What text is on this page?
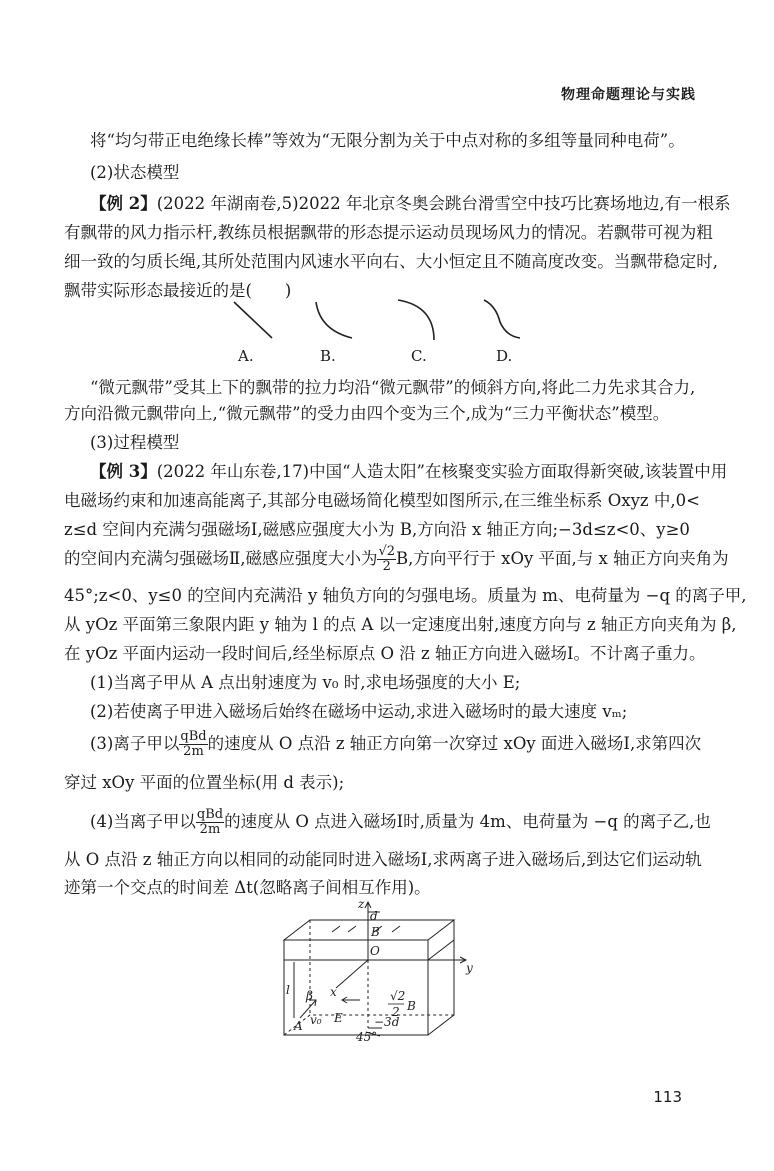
物理命题理论与实践
将“均匀带正电绝缘长棒”等效为“无限分割为关于中点对称的多组等量同种电荷”。
(2)状态模型
【例 2】(2022 年湖南卷,5)2022 年北京冬奥会跳台滑雪空中技巧比赛场地边,有一根系
有飘带的风力指示杆,教练员根据飘带的形态提示运动员现场风力的情况。若飘带可视为粗
细一致的匀质长绳,其所处范围内风速水平向右、大小恒定且不随高度改变。当飘带稳定时,
飘带实际形态最接近的是(　　)
A.	B.	C.	D.
“微元飘带”受其上下的飘带的拉力均沿“微元飘带”的倾斜方向,将此二力先求其合力,
方向沿微元飘带向上,“微元飘带”的受力由四个变为三个,成为“三力平衡状态”模型。
(3)过程模型
【例 3】(2022 年山东卷,17)中国“人造太阳”在核聚变实验方面取得新突破,该装置中用
电磁场约束和加速高能离子,其部分电磁场简化模型如图所示,在三维坐标系 Oxyz 中,0<
z≤d 空间内充满匀强磁场Ⅰ,磁感应强度大小为 B,方向沿 x 轴正方向;−3d≤z<0、y≥0
的空间内充满匀强磁场Ⅱ,磁感应强度大小为 $\frac{√2}{2} B$,方向平行于 xOy 平面,与 x 轴正方向夹角为
45°;z<0、y≤0 的空间内充满沿 y 轴负方向的匀强电场。质量为 m、电荷量为 −q 的离子甲,
从 yOz 平面第三象限内距 y 轴为 l 的点 A 以一定速度出射,速度方向与 z 轴正方向夹角为 β,
在 yOz 平面内运动一段时间后,经坐标原点 O 沿 z 轴正方向进入磁场Ⅰ。不计离子重力。
(1)当离子甲从 A 点出射速度为 v₀ 时,求电场强度的大小 E;
(2)若使离子甲进入磁场后始终在磁场中运动,求进入磁场时的最大速度 vₘ;
(3)离子甲以 $\frac{\text{qBd}}{2m}$ 的速度从 O 点沿 z 轴正方向第一次穿过 xOy 面进入磁场Ⅰ,求第四次
穿过 xOy 平面的位置坐标(用 d 表示);
(4)当离子甲以 $\frac{\text{qBd}}{2m}$ 的速度从 O 点进入磁场Ⅰ时,质量为 4m、电荷量为 −q 的离子乙,也
从 O 点沿 z 轴正方向以相同的动能同时进入磁场Ⅰ,求两离子进入磁场后,到达它们运动轨
迹第一个交点的时间差 Δt(忽略离子间相互作用)。
z
d
B
O
y
x
l β
A v₀ E
√2
2 B
−3d
45°
113
